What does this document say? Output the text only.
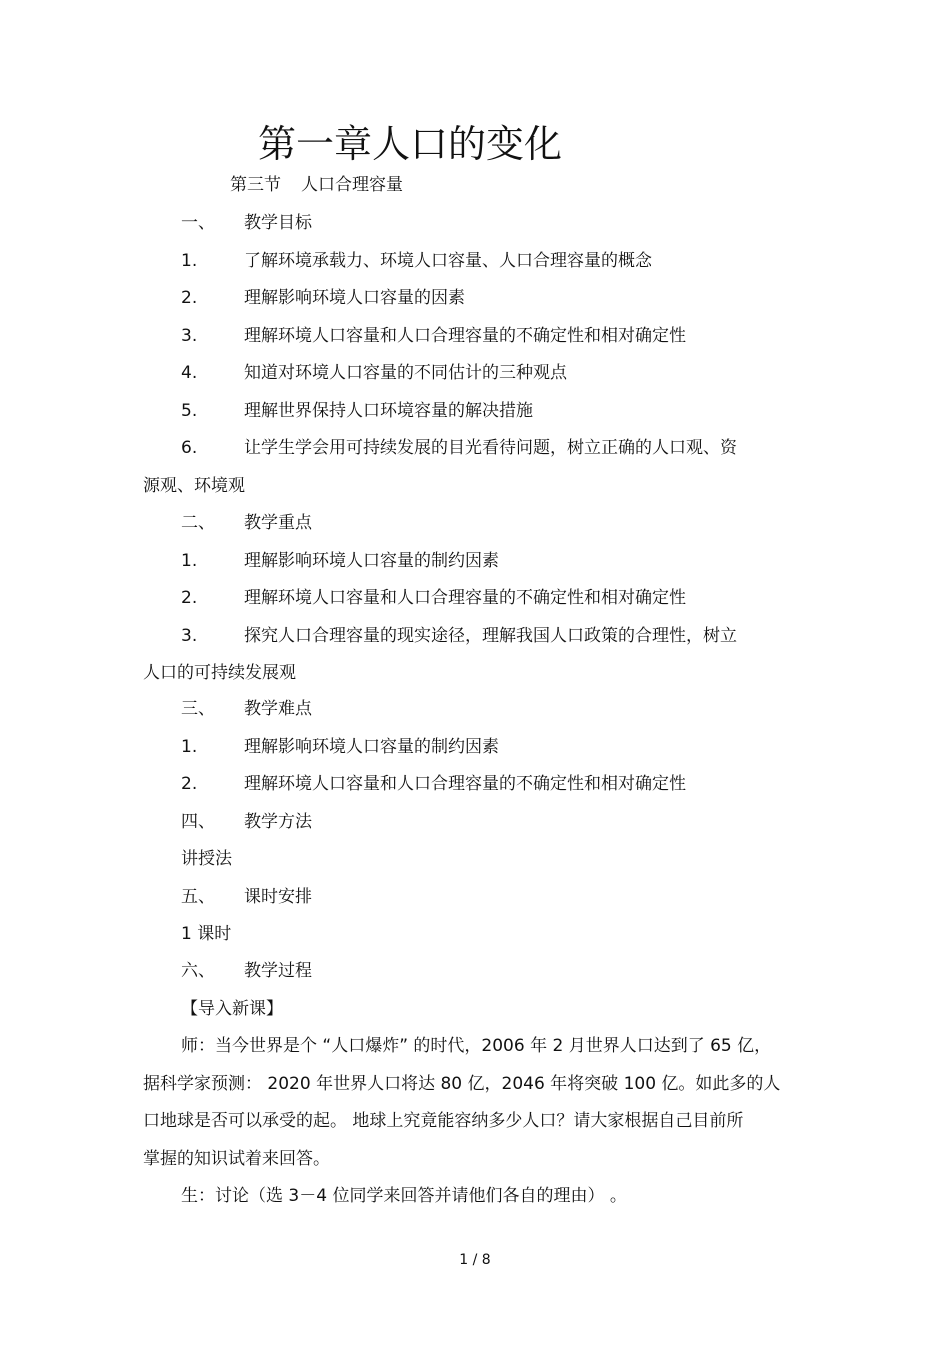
第一章人口的变化
第三节 人口合理容量
一、 教学目标
1.	了解环境承载力、环境人口容量、人口合理容量的概念
2.	理解影响环境人口容量的因素
3.	理解环境人口容量和人口合理容量的不确定性和相对确定性
4.	知道对环境人口容量的不同估计的三种观点
5.	理解世界保持人口环境容量的解决措施
6.	让学生学会用可持续发展的目光看待问题，树立正确的人口观、资
源观、环境观
二、 教学重点
1.	理解影响环境人口容量的制约因素
2.	理解环境人口容量和人口合理容量的不确定性和相对确定性
3.	探究人口合理容量的现实途径，理解我国人口政策的合理性，树立
人口的可持续发展观
三、 教学难点
1.	理解影响环境人口容量的制约因素
2.	理解环境人口容量和人口合理容量的不确定性和相对确定性
四、 教学方法
讲授法
五、 课时安排
1 课时
六、 教学过程
【导入新课】
师：当今世界是个 “人口爆炸” 的时代，2006 年 2 月世界人口达到了 65 亿，
据科学家预测： 2020 年世界人口将达 80 亿，2046 年将突破 100 亿。如此多的人
口地球是否可以承受的起。 地球上究竟能容纳多少人口？请大家根据自己目前所
掌握的知识试着来回答。
生：讨论（选 3－4 位同学来回答并请他们各自的理由） 。
1 / 8
